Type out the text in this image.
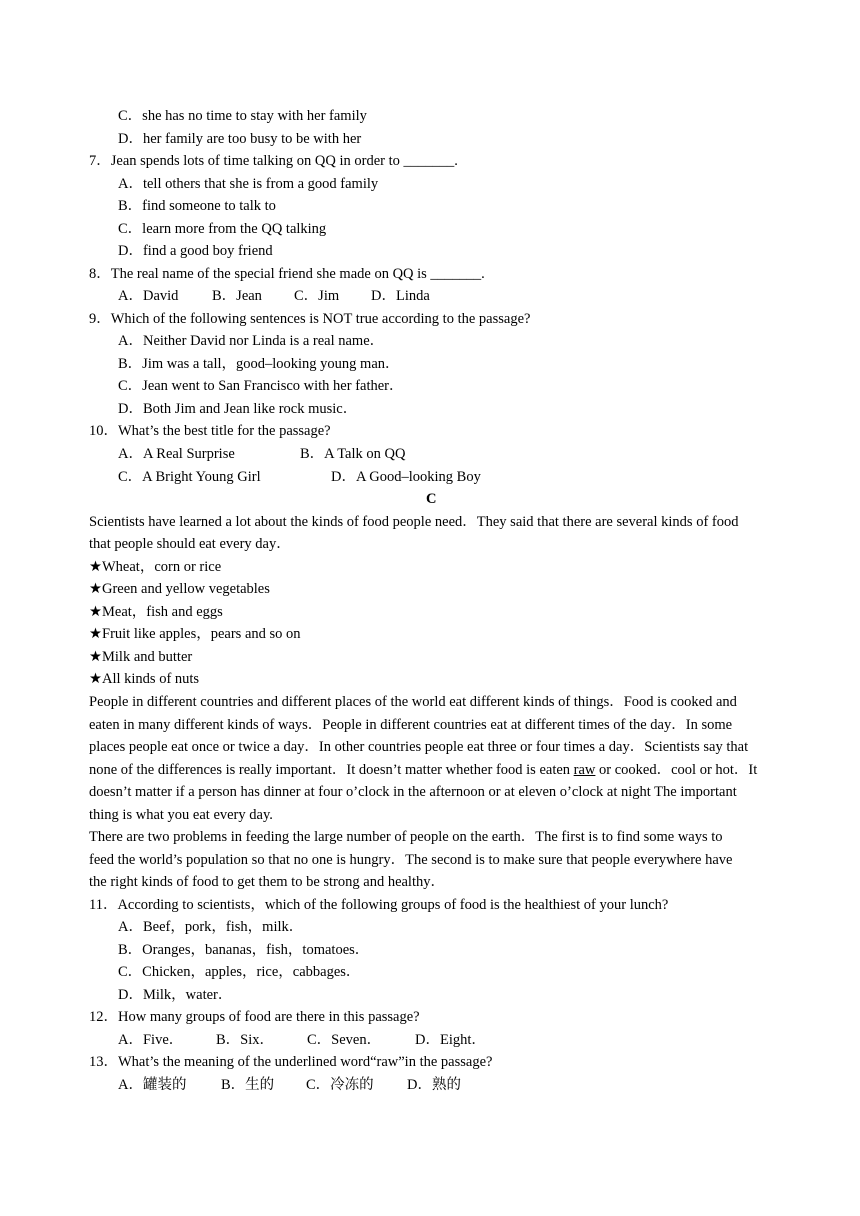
C．she has no time to stay with her family
D．her family are too busy to be with her
7．Jean spends lots of time talking on QQ in order to _______.
A．tell others that she is from a good family
B．find someone to talk to
C．learn more from the QQ talking
D．find a good boy friend
8．The real name of the special friend she made on QQ is _______.
A．David B．Jean C．Jim D．Linda
9．Which of the following sentences is NOT true according to the passage?
A．Neither David nor Linda is a real name．
B．Jim was a tall，good–looking young man．
C．Jean went to San Francisco with her father．
D．Both Jim and Jean like rock music．
10．What’s the best title for the passage?
A．A Real Surprise	B．A Talk on QQ
C．A Bright Young Girl	D．A Good–looking Boy
C
Scientists have learned a lot about the kinds of food people need．They said that there are several kinds of food
that people should eat every day．
★Wheat，corn or rice
★Green and yellow vegetables
★Meat，fish and eggs
★Fruit like apples，pears and so on
★Milk and butter
★All kinds of nuts
People in different countries and different places of the world eat different kinds of things．Food is cooked and
eaten in many different kinds of ways．People in different countries eat at different times of the day．In some
places people eat once or twice a day．In other countries people eat three or four times a day．Scientists say that
none of the differences is really important．It doesn’t matter whether food is eaten raw or cooked．cool or hot．It
doesn’t matter if a person has dinner at four o’clock in the afternoon or at eleven o’clock at night The important
thing is what you eat every day.
There are two problems in feeding the large number of people on the earth．The first is to find some ways to
feed the world’s population so that no one is hungry．The second is to make sure that people everywhere have
the right kinds of food to get them to be strong and healthy．
11．According to scientists，which of the following groups of food is the healthiest of your lunch?
A．Beef，pork，fish，milk．
B．Oranges，bananas，fish，tomatoes．
C．Chicken，apples，rice，cabbages．
D．Milk，water．
12．How many groups of food are there in this passage?
A．Five． B．Six． C．Seven． D．Eight．
13．What’s the meaning of the underlined word“raw”in the passage?
A．罐装的 B．生的 C．冷冻的 D．熟的
